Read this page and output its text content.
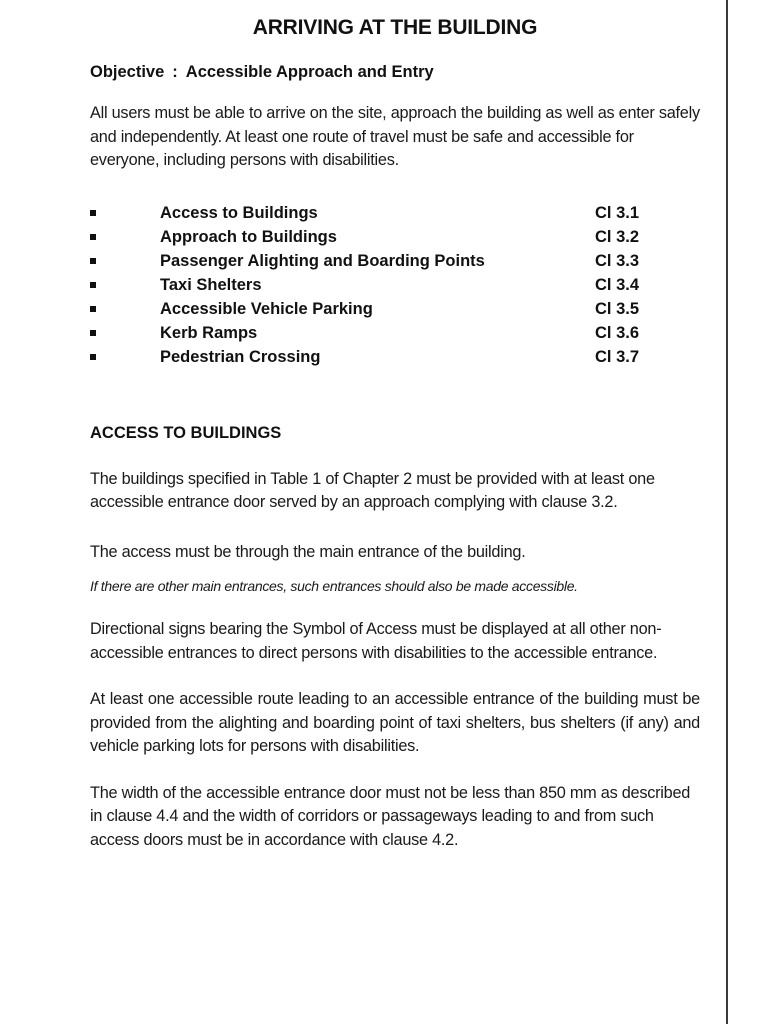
ARRIVING AT THE BUILDING
Objective : Accessible Approach and Entry

All users must be able to arrive on the site, approach the building as well as enter safely and independently. At least one route of travel must be safe and accessible for everyone, including persons with disabilities.

Access to Buildings	Cl 3.1
Approach to Buildings	Cl 3.2
Passenger Alighting and Boarding Points	Cl 3.3
Taxi Shelters	Cl 3.4
Accessible Vehicle Parking	Cl 3.5
Kerb Ramps	Cl 3.6
Pedestrian Crossing	Cl 3.7
ACCESS TO BUILDINGS

The buildings specified in Table 1 of Chapter 2 must be provided with at least one accessible entrance door served by an approach complying with clause 3.2.

The access must be through the main entrance of the building.

If there are other main entrances, such entrances should also be made accessible.

Directional signs bearing the Symbol of Access must be displayed at all other non-accessible entrances to direct persons with disabilities to the accessible entrance.

At least one accessible route leading to an accessible entrance of the building must be provided from the alighting and boarding point of taxi shelters, bus shelters (if any) and vehicle parking lots for persons with disabilities.

The width of the accessible entrance door must not be less than 850 mm as described in clause 4.4 and the width of corridors or passageways leading to and from such access doors must be in accordance with clause 4.2.
